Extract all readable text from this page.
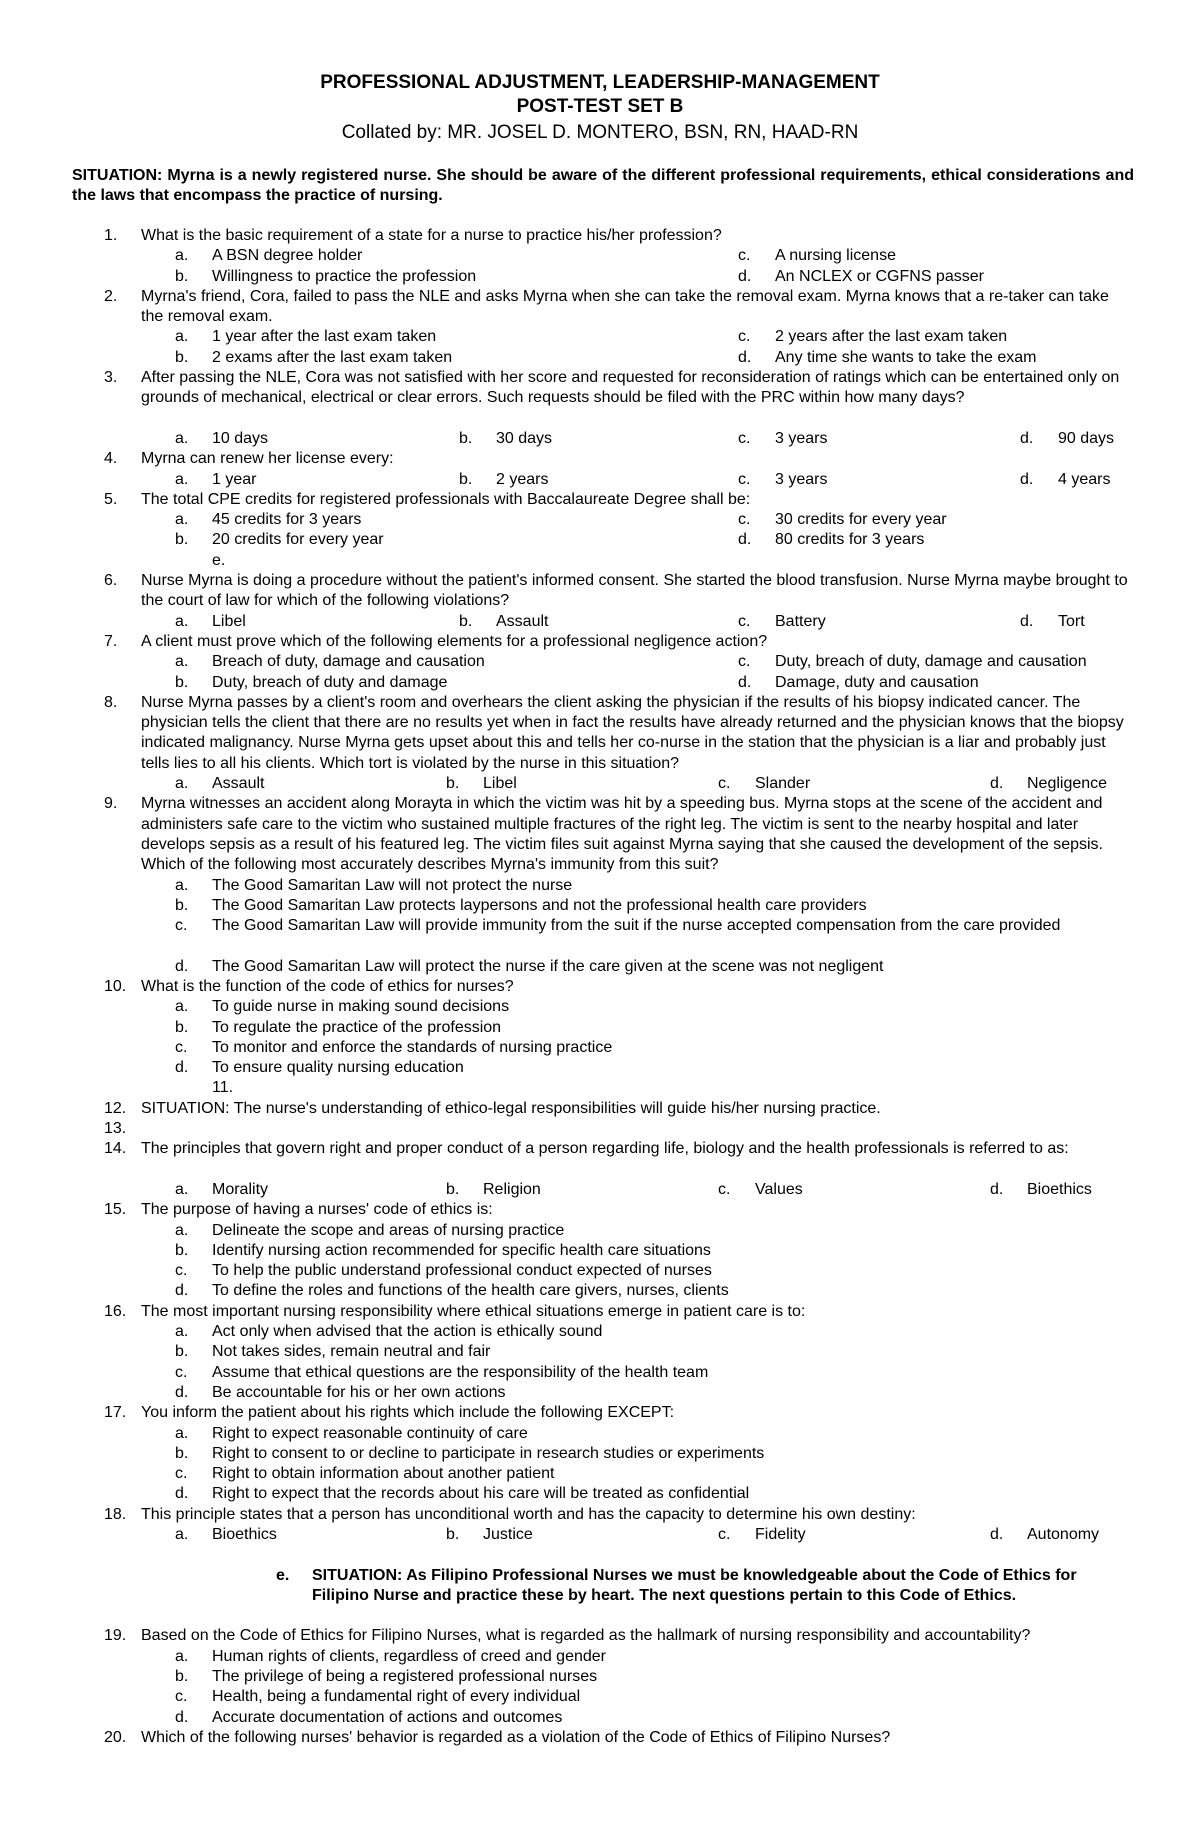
PROFESSIONAL ADJUSTMENT, LEADERSHIP-MANAGEMENT

POST-TEST SET B

Collated by: MR. JOSEL D. MONTERO, BSN, RN, HAAD-RN

SITUATION: Myrna is a newly registered nurse. She should be aware of the different professional requirements, ethical considerations and the laws that encompass the practice of nursing.

1. What is the basic requirement of a state for a nurse to practice his/her profession?
a. A BSN degree holder	c. A nursing license
b. Willingness to practice the profession	d. An NCLEX or CGFNS passer
2. Myrna's friend, Cora, failed to pass the NLE and asks Myrna when she can take the removal exam. Myrna knows that a re-taker can take the removal exam.
a. 1 year after the last exam taken	c. 2 years after the last exam taken
b. 2 exams after the last exam taken	d. Any time she wants to take the exam
3. After passing the NLE, Cora was not satisfied with her score and requested for reconsideration of ratings which can be entertained only on grounds of mechanical, electrical or clear errors. Such requests should be filed with the PRC within how many days?
a. 10 days	b. 30 days	c. 3 years	d. 90 days
4. Myrna can renew her license every:
a. 1 year	b. 2 years	c. 3 years	d. 4 years
5. The total CPE credits for registered professionals with Baccalaureate Degree shall be:
a. 45 credits for 3 years	c. 30 credits for every year
b. 20 credits for every year	d. 80 credits for 3 years
e.
6. Nurse Myrna is doing a procedure without the patient's informed consent. She started the blood transfusion. Nurse Myrna maybe brought to the court of law for which of the following violations?
a. Libel	b. Assault	c. Battery	d. Tort
7. A client must prove which of the following elements for a professional negligence action?
a. Breach of duty, damage and causation	c. Duty, breach of duty, damage and causation
b. Duty, breach of duty and damage	d. Damage, duty and causation
8. Nurse Myrna passes by a client's room and overhears the client asking the physician if the results of his biopsy indicated cancer. The physician tells the client that there are no results yet when in fact the results have already returned and the physician knows that the biopsy indicated malignancy. Nurse Myrna gets upset about this and tells her co-nurse in the station that the physician is a liar and probably just tells lies to all his clients. Which tort is violated by the nurse in this situation?
a. Assault	b. Libel	c. Slander	d. Negligence
9. Myrna witnesses an accident along Morayta in which the victim was hit by a speeding bus. Myrna stops at the scene of the accident and administers safe care to the victim who sustained multiple fractures of the right leg. The victim is sent to the nearby hospital and later develops sepsis as a result of his featured leg. The victim files suit against Myrna saying that she caused the development of the sepsis. Which of the following most accurately describes Myrna's immunity from this suit?
a. The Good Samaritan Law will not protect the nurse
b. The Good Samaritan Law protects laypersons and not the professional health care providers
c. The Good Samaritan Law will provide immunity from the suit if the nurse accepted compensation from the care provided
d. The Good Samaritan Law will protect the nurse if the care given at the scene was not negligent
10. What is the function of the code of ethics for nurses?
a. To guide nurse in making sound decisions
b. To regulate the practice of the profession
c. To monitor and enforce the standards of nursing practice
d. To ensure quality nursing education
11.
12. SITUATION: The nurse's understanding of ethico-legal responsibilities will guide his/her nursing practice.
13.
14. The principles that govern right and proper conduct of a person regarding life, biology and the health professionals is referred to as:
a. Morality	b. Religion	c. Values	d. Bioethics
15. The purpose of having a nurses' code of ethics is:
a. Delineate the scope and areas of nursing practice
b. Identify nursing action recommended for specific health care situations
c. To help the public understand professional conduct expected of nurses
d. To define the roles and functions of the health care givers, nurses, clients
16. The most important nursing responsibility where ethical situations emerge in patient care is to:
a. Act only when advised that the action is ethically sound
b. Not takes sides, remain neutral and fair
c. Assume that ethical questions are the responsibility of the health team
d. Be accountable for his or her own actions
17. You inform the patient about his rights which include the following EXCEPT:
a. Right to expect reasonable continuity of care
b. Right to consent to or decline to participate in research studies or experiments
c. Right to obtain information about another patient
d. Right to expect that the records about his care will be treated as confidential
18. This principle states that a person has unconditional worth and has the capacity to determine his own destiny:
a. Bioethics	b. Justice	c. Fidelity	d. Autonomy
e. SITUATION: As Filipino Professional Nurses we must be knowledgeable about the Code of Ethics for Filipino Nurse and practice these by heart. The next questions pertain to this Code of Ethics.
19. Based on the Code of Ethics for Filipino Nurses, what is regarded as the hallmark of nursing responsibility and accountability?
a. Human rights of clients, regardless of creed and gender
b. The privilege of being a registered professional nurses
c. Health, being a fundamental right of every individual
d. Accurate documentation of actions and outcomes
20. Which of the following nurses' behavior is regarded as a violation of the Code of Ethics of Filipino Nurses?
